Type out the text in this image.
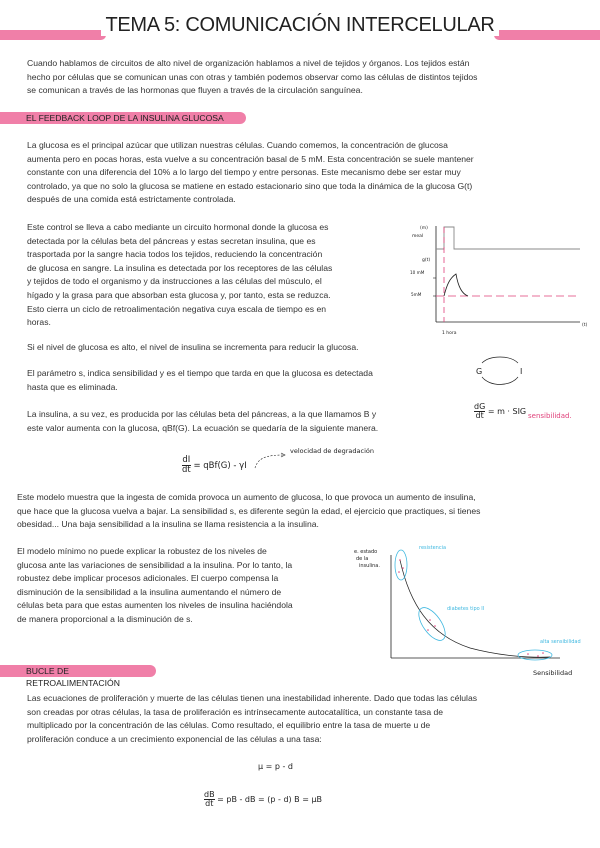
TEMA 5: COMUNICACIÓN INTERCELULAR
Cuando hablamos de circuitos de alto nivel de organización hablamos a nivel de tejidos y órganos. Los tejidos están
hecho por células que se comunican unas con otras y también podemos observar como las células de distintos tejidos
se comunican a través de las hormonas que fluyen a través de la circulación sanguínea.
EL FEEDBACK LOOP DE LA INSULINA GLUCOSA
La glucosa es el principal azúcar que utilizan nuestras células. Cuando comemos, la concentración de glucosa
aumenta pero en pocas horas, esta vuelve a su concentración basal de 5 mM. Esta concentración se suele mantener
constante con una diferencia del 10% a lo largo del tiempo y entre personas. Este mecanismo debe ser estar muy
controlado, ya que no solo la glucosa se matiene en estado estacionario sino que toda la dinámica de la glucosa G(t)
después de una comida está estrictamente controlada.
Este control se lleva a cabo mediante un circuito hormonal donde la glucosa es
detectada por la células beta del páncreas y estas secretan insulina, que es
trasportada por la sangre hacia todos los tejidos, reduciendo la concentración
de glucosa en sangre. La insulina es detectada por los receptores de las células
y tejidos de todo el organismo y da instrucciones a las células del músculo, el
hígado y la grasa para que absorban esta glucosa y, por tanto, esta se reduzca.
Esto cierra un ciclo de retroalimentación negativa cuya escala de tiempo es en
horas.
(m)
meal
g(t)
10 mM
5mM
1 hora
(t)
Si el nivel de glucosa es alto, el nivel de insulina se incrementa para reducir la glucosa.
El parámetro s, indica sensibilidad y es el tiempo que tarda en que la glucosa es detectada
hasta que es eliminada.
G	I
$\frac{dG}{dt} = m$ · SIG sensibilidad.
La insulina, a su vez, es producida por las células beta del páncreas, a la que llamamos B y
este valor aumenta con la glucosa, qBf(G). La ecuación se quedaría de la siguiente manera.
$\frac{dI}{dt} = qBf(G) - \gamma I$
velocidad de degradación
Este modelo muestra que la ingesta de comida provoca un aumento de glucosa, lo que provoca un aumento de insulina,
que hace que la glucosa vuelva a bajar. La sensibilidad s, es diferente según la edad, el ejercicio que practiques, si tienes
obesidad... Una baja sensibilidad a la insulina se llama resistencia a la insulina.
El modelo mínimo no puede explicar la robustez de los niveles de
glucosa ante las variaciones de sensibilidad a la insulina. Por lo tanto, la
robustez debe implicar procesos adicionales. El cuerpo compensa la
disminución de la sensibilidad a la insulina aumentando el número de
células beta para que estas aumenten los niveles de insulina haciéndola
de manera proporcional a la disminución de s.
e. estado
de la
insulina.
resistencia
diabetes tipo II
alta sensibilidad
Sensibilidad
BUCLE DE RETROALIMENTACIÓN
Las ecuaciones de proliferación y muerte de las células tienen una inestabilidad inherente. Dado que todas las células
son creadas por otras células, la tasa de proliferación es intrínsecamente autocatalítica, un constante tasa de
multiplicado por la concentración de las células. Como resultado, el equilibrio entre la tasa de muerte u de
proliferación conduce a un crecimiento exponencial de las células a una tasa:
μ = p - d
$\frac{dB}{dt}$ = pB - dB = (p - d) B = μB
